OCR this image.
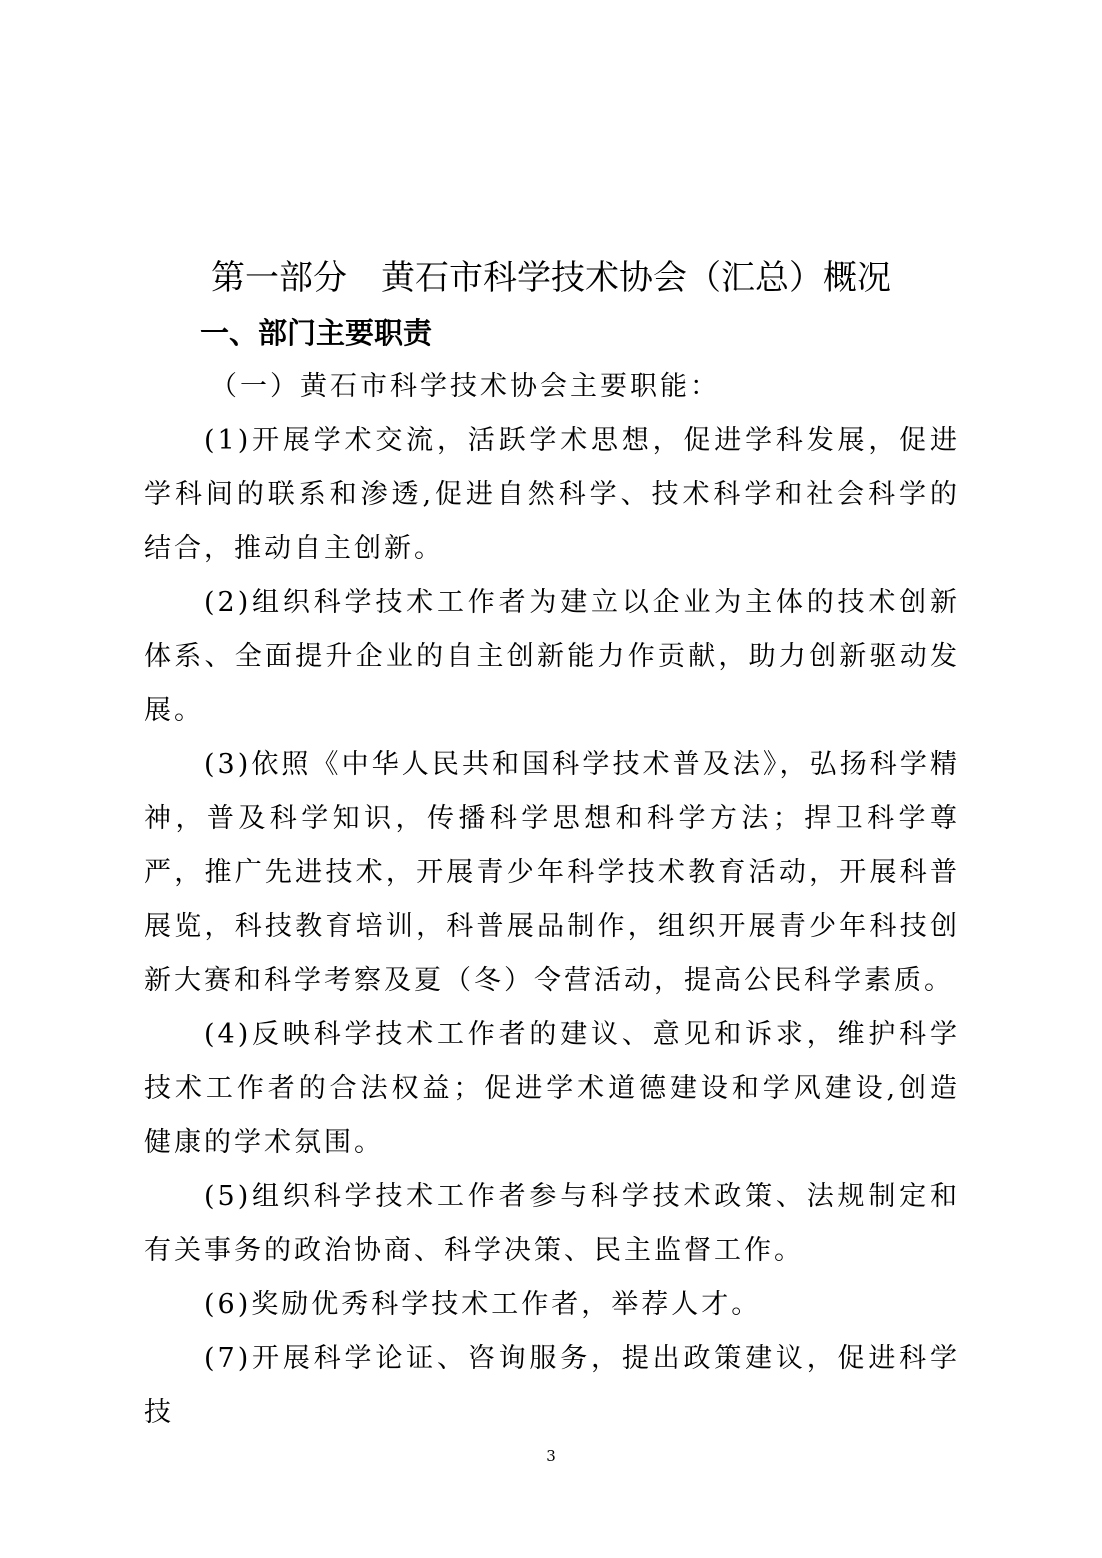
第一部分　黄石市科学技术协会（汇总）概况
一、部门主要职责
（一）黄石市科学技术协会主要职能：

(1)开展学术交流，活跃学术思想，促进学科发展，促进学科间的联系和渗透,促进自然科学、技术科学和社会科学的结合，推动自主创新。

(2)组织科学技术工作者为建立以企业为主体的技术创新体系、全面提升企业的自主创新能力作贡献，助力创新驱动发展。

(3)依照《中华人民共和国科学技术普及法》，弘扬科学精神，普及科学知识，传播科学思想和科学方法；捍卫科学尊严，推广先进技术，开展青少年科学技术教育活动，开展科普展览，科技教育培训，科普展品制作，组织开展青少年科技创新大赛和科学考察及夏（冬）令营活动，提高公民科学素质。

(4)反映科学技术工作者的建议、意见和诉求，维护科学技术工作者的合法权益；促进学术道德建设和学风建设,创造健康的学术氛围。

(5)组织科学技术工作者参与科学技术政策、法规制定和有关事务的政治协商、科学决策、民主监督工作。

(6)奖励优秀科学技术工作者，举荐人才。

(7)开展科学论证、咨询服务，提出政策建议，促进科学技

3
